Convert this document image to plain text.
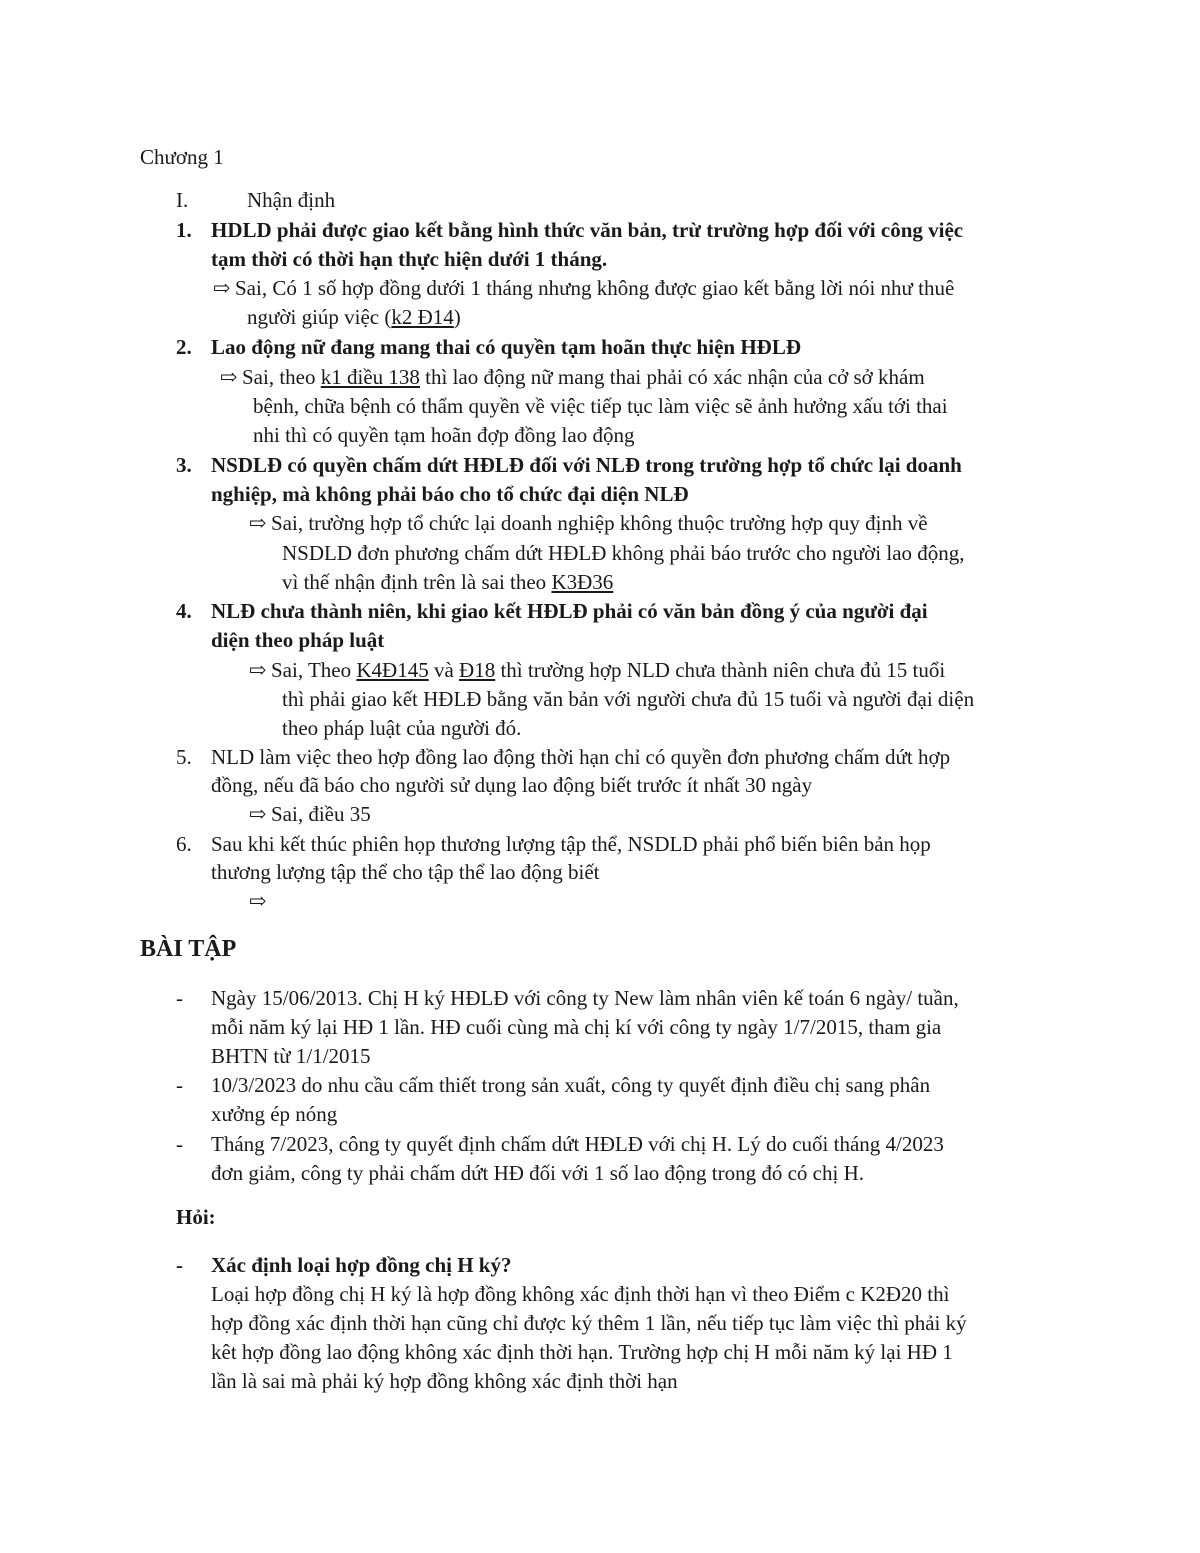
Chương 1
I.	Nhận định
1. HDLD phải được giao kết bằng hình thức văn bản, trừ trường hợp đối với công việc
tạm thời có thời hạn thực hiện dưới 1 tháng.
⇨ Sai, Có 1 số hợp đồng dưới 1 tháng nhưng không được giao kết bằng lời nói như thuê
người giúp việc (k2 Đ14)
2. Lao động nữ đang mang thai có quyền tạm hoãn thực hiện HĐLĐ
⇨ Sai, theo k1 điều 138 thì lao động nữ mang thai phải có xác nhận của cở sở khám
bệnh, chữa bệnh có thẩm quyền về việc tiếp tục làm việc sẽ ảnh hưởng xấu tới thai
nhi thì có quyền tạm hoãn đợp đồng lao động
3. NSDLĐ có quyền chấm dứt HĐLĐ đối với NLĐ trong trường hợp tổ chức lại doanh
nghiệp, mà không phải báo cho tổ chức đại diện NLĐ
⇨ Sai, trường hợp tổ chức lại doanh nghiệp không thuộc trường hợp quy định về
NSDLD đơn phương chấm dứt HĐLĐ không phải báo trước cho người lao động,
vì thế nhận định trên là sai theo K3Đ36
4. NLĐ chưa thành niên, khi giao kết HĐLĐ phải có văn bản đồng ý của người đại
diện theo pháp luật
⇨ Sai, Theo K4Đ145 và Đ18 thì trường hợp NLD chưa thành niên chưa đủ 15 tuổi
thì phải giao kết HĐLĐ bằng văn bản với người chưa đủ 15 tuổi và người đại diện
theo pháp luật của người đó.
5. NLD làm việc theo hợp đồng lao động thời hạn chỉ có quyền đơn phương chấm dứt hợp
đồng, nếu đã báo cho người sử dụng lao động biết trước ít nhất 30 ngày
⇨ Sai, điều 35
6. Sau khi kết thúc phiên họp thương lượng tập thể, NSDLD phải phổ biến biên bản họp
thương lượng tập thể cho tập thể lao động biết
⇨
BÀI TẬP
- Ngày 15/06/2013. Chị H ký HĐLĐ với công ty New làm nhân viên kế toán 6 ngày/ tuần,
mỗi năm ký lại HĐ 1 lần. HĐ cuối cùng mà chị kí với công ty ngày 1/7/2015, tham gia
BHTN từ 1/1/2015
- 10/3/2023 do nhu cầu cấm thiết trong sản xuất, công ty quyết định điều chị sang phân
xưởng ép nóng
- Tháng 7/2023, công ty quyết định chấm dứt HĐLĐ với chị H. Lý do cuối tháng 4/2023
đơn giảm, công ty phải chấm dứt HĐ đối với 1 số lao động trong đó có chị H.
Hỏi:
- Xác định loại hợp đồng chị H ký?
Loại hợp đồng chị H ký là hợp đồng không xác định thời hạn vì theo Điểm c K2Đ20 thì
hợp đồng xác định thời hạn cũng chỉ được ký thêm 1 lần, nếu tiếp tục làm việc thì phải ký
kêt hợp đồng lao động không xác định thời hạn. Trường hợp chị H mỗi năm ký lại HĐ 1
lần là sai mà phải ký hợp đồng không xác định thời hạn
